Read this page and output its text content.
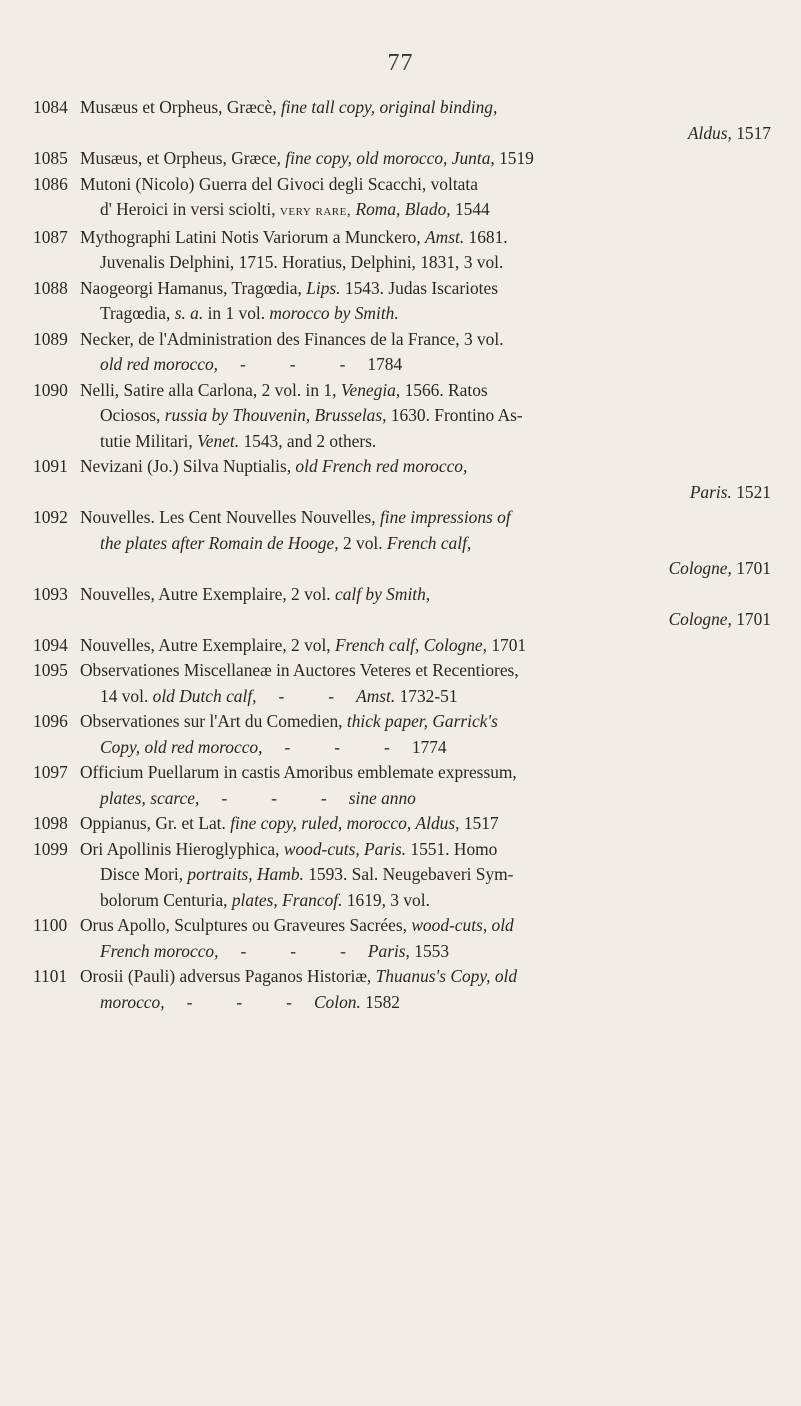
77
1084 Musæus et Orpheus, Græcè, fine tall copy, original binding,
Aldus, 1517
1085 Musæus, et Orpheus, Græce, fine copy, old morocco, Junta, 1519
1086 Mutoni (Nicolo) Guerra del Givoci degli Scacchi, voltata
d' Heroici in versi sciolti, very rare, Roma, Blado, 1544
1087 Mythographi Latini Notis Variorum a Munckero, Amst. 1681.
Juvenalis Delphini, 1715. Horatius, Delphini, 1831, 3 vol.
1088 Naogeorgi Hamanus, Tragœdia, Lips. 1543. Judas Iscariotes
Tragœdia, s. a. in 1 vol. morocco by Smith.
1089 Necker, de l'Administration des Finances de la France, 3 vol.
old red morocco, -	-	- 1784
1090 Nelli, Satire alla Carlona, 2 vol. in 1, Venegia, 1566. Ratos
Ociosos, russia by Thouvenin, Brusselas, 1630. Frontino As-
tutie Militari, Venet. 1543, and 2 others.
1091 Nevizani (Jo.) Silva Nuptialis, old French red morocco,
Paris. 1521
1092 Nouvelles. Les Cent Nouvelles Nouvelles, fine impressions of
the plates after Romain de Hooge, 2 vol. French calf,
Cologne, 1701
1093 Nouvelles, Autre Exemplaire, 2 vol. calf by Smith,
Cologne, 1701
1094 Nouvelles, Autre Exemplaire, 2 vol, French calf, Cologne, 1701
1095 Observationes Miscellaneæ in Auctores Veteres et Recentiores,
14 vol. old Dutch calf, -	- Amst. 1732-51
1096 Observationes sur l'Art du Comedien, thick paper, Garrick's
Copy, old red morocco, -	-	- 1774
1097 Officium Puellarum in castis Amoribus emblemate expressum,
plates, scarce, -	-	- sine anno
1098 Oppianus, Gr. et Lat. fine copy, ruled, morocco, Aldus, 1517
1099 Ori Apollinis Hieroglyphica, wood-cuts, Paris. 1551. Homo
Disce Mori, portraits, Hamb. 1593. Sal. Neugebaveri Sym-
bolorum Centuria, plates, Francof. 1619, 3 vol.
1100 Orus Apollo, Sculptures ou Graveures Sacrées, wood-cuts, old
French morocco, -	-	- Paris, 1553
1101 Orosii (Pauli) adversus Paganos Historiæ, Thuanus's Copy, old
morocco, -	-	- Colon. 1582
